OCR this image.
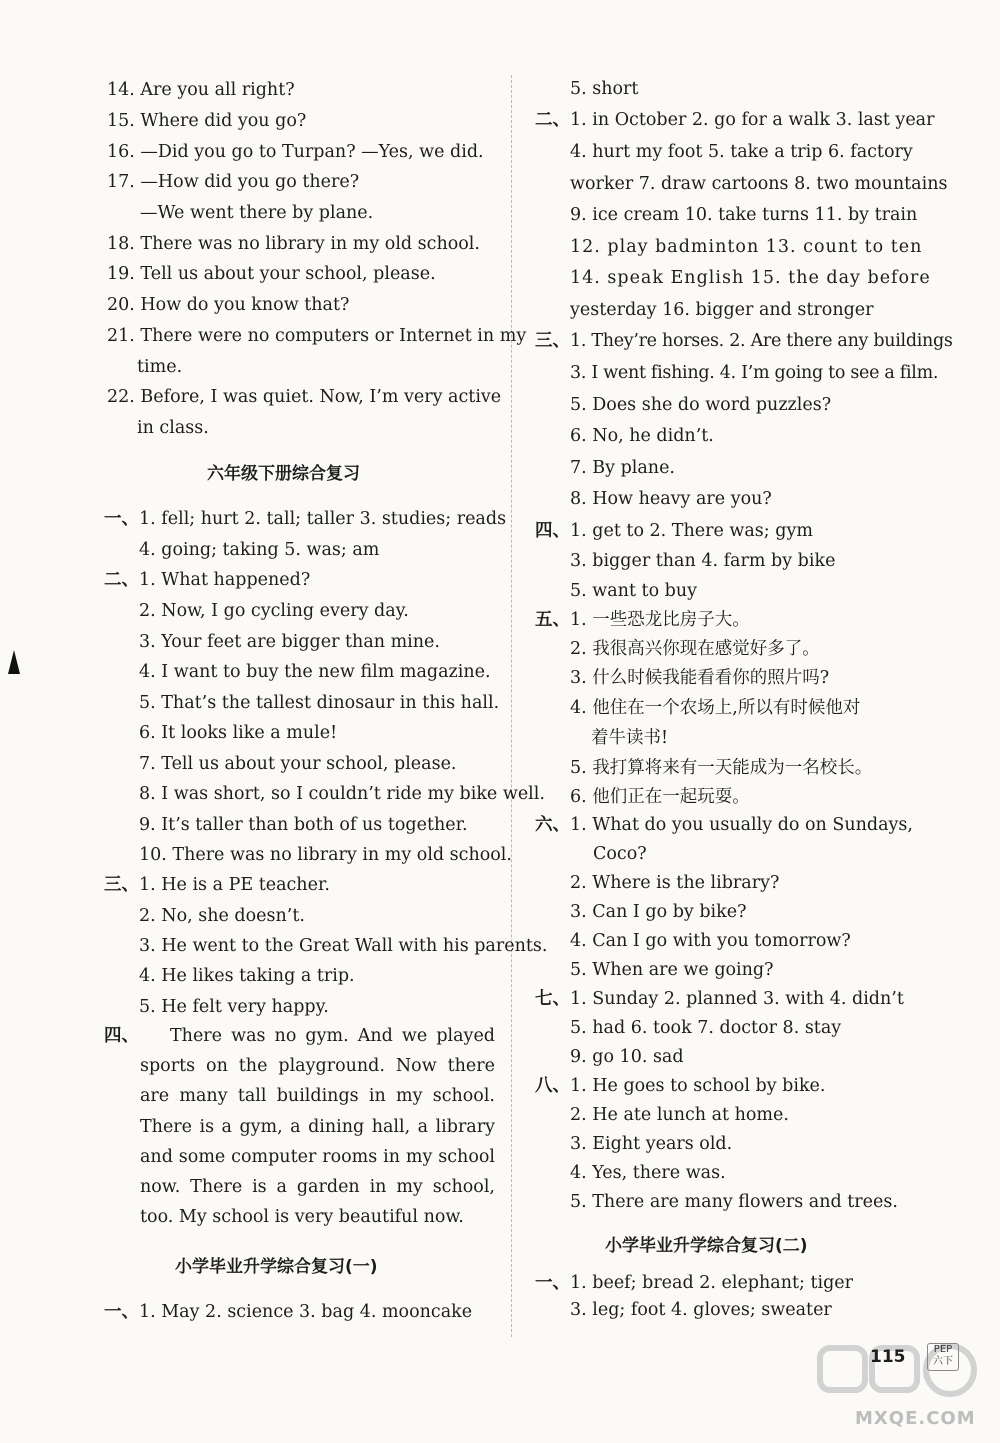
14. Are you all right?
15. Where did you go?
16. —Did you go to Turpan? —Yes, we did.
17. —How did you go there?
—We went there by plane.
18. There was no library in my old school.
19. Tell us about your school, please.
20. How do you know that?
21. There were no computers or Internet in my
time.
22. Before, I was quiet. Now, I’m very active
in class.
六年级下册综合复习
一、 1. fell; hurt 2. tall; taller 3. studies; reads
4. going; taking 5. was; am
二、 1. What happened?
2. Now, I go cycling every day.
3. Your feet are bigger than mine.
4. I want to buy the new film magazine.
5. That’s the tallest dinosaur in this hall.
6. It looks like a mule!
7. Tell us about your school, please.
8. I was short, so I couldn’t ride my bike well.
9. It’s taller than both of us together.
10. There was no library in my old school.
三、 1. He is a PE teacher.
2. No, she doesn’t.
3. He went to the Great Wall with his parents.
4. He likes taking a trip.
5. He felt very happy.
四、	There was no gym. And we played sports on the playground. Now there are many tall buildings in my school. There is a gym, a dining hall, a library and some computer rooms in my school now. There is a garden in my school, too. My school is very beautiful now.
小学毕业升学综合复习(一)
一、 1. May 2. science 3. bag 4. mooncake
5. short
二、 1. in October 2. go for a walk 3. last year
4. hurt my foot 5. take a trip 6. factory
worker 7. draw cartoons 8. two mountains
9. ice cream 10. take turns 11. by train
12. play badminton 13. count to ten
14. speak English 15. the day before
yesterday 16. bigger and stronger
三、 1. They’re horses. 2. Are there any buildings
3. I went fishing. 4. I’m going to see a film.
5. Does she do word puzzles?
6. No, he didn’t.
7. By plane.
8. How heavy are you?
四、 1. get to 2. There was; gym
3. bigger than 4. farm by bike
5. want to buy
五、 1. 一些恐龙比房子大。
2. 我很高兴你现在感觉好多了。
3. 什么时候我能看看你的照片吗?
4. 他住在一个农场上,所以有时候他对
着牛读书!
5. 我打算将来有一天能成为一名校长。
6. 他们正在一起玩耍。
六、 1. What do you usually do on Sundays,
Coco?
2. Where is the library?
3. Can I go by bike?
4. Can I go with you tomorrow?
5. When are we going?
七、 1. Sunday 2. planned 3. with 4. didn’t
5. had 6. took 7. doctor 8. stay
9. go 10. sad
八、 1. He goes to school by bike.
2. He ate lunch at home.
3. Eight years old.
4. Yes, there was.
5. There are many flowers and trees.
小学毕业升学综合复习(二)
一、 1. beef; bread 2. elephant; tiger
3. leg; foot 4. gloves; sweater
MXQE.COM
115	PEP
六下
